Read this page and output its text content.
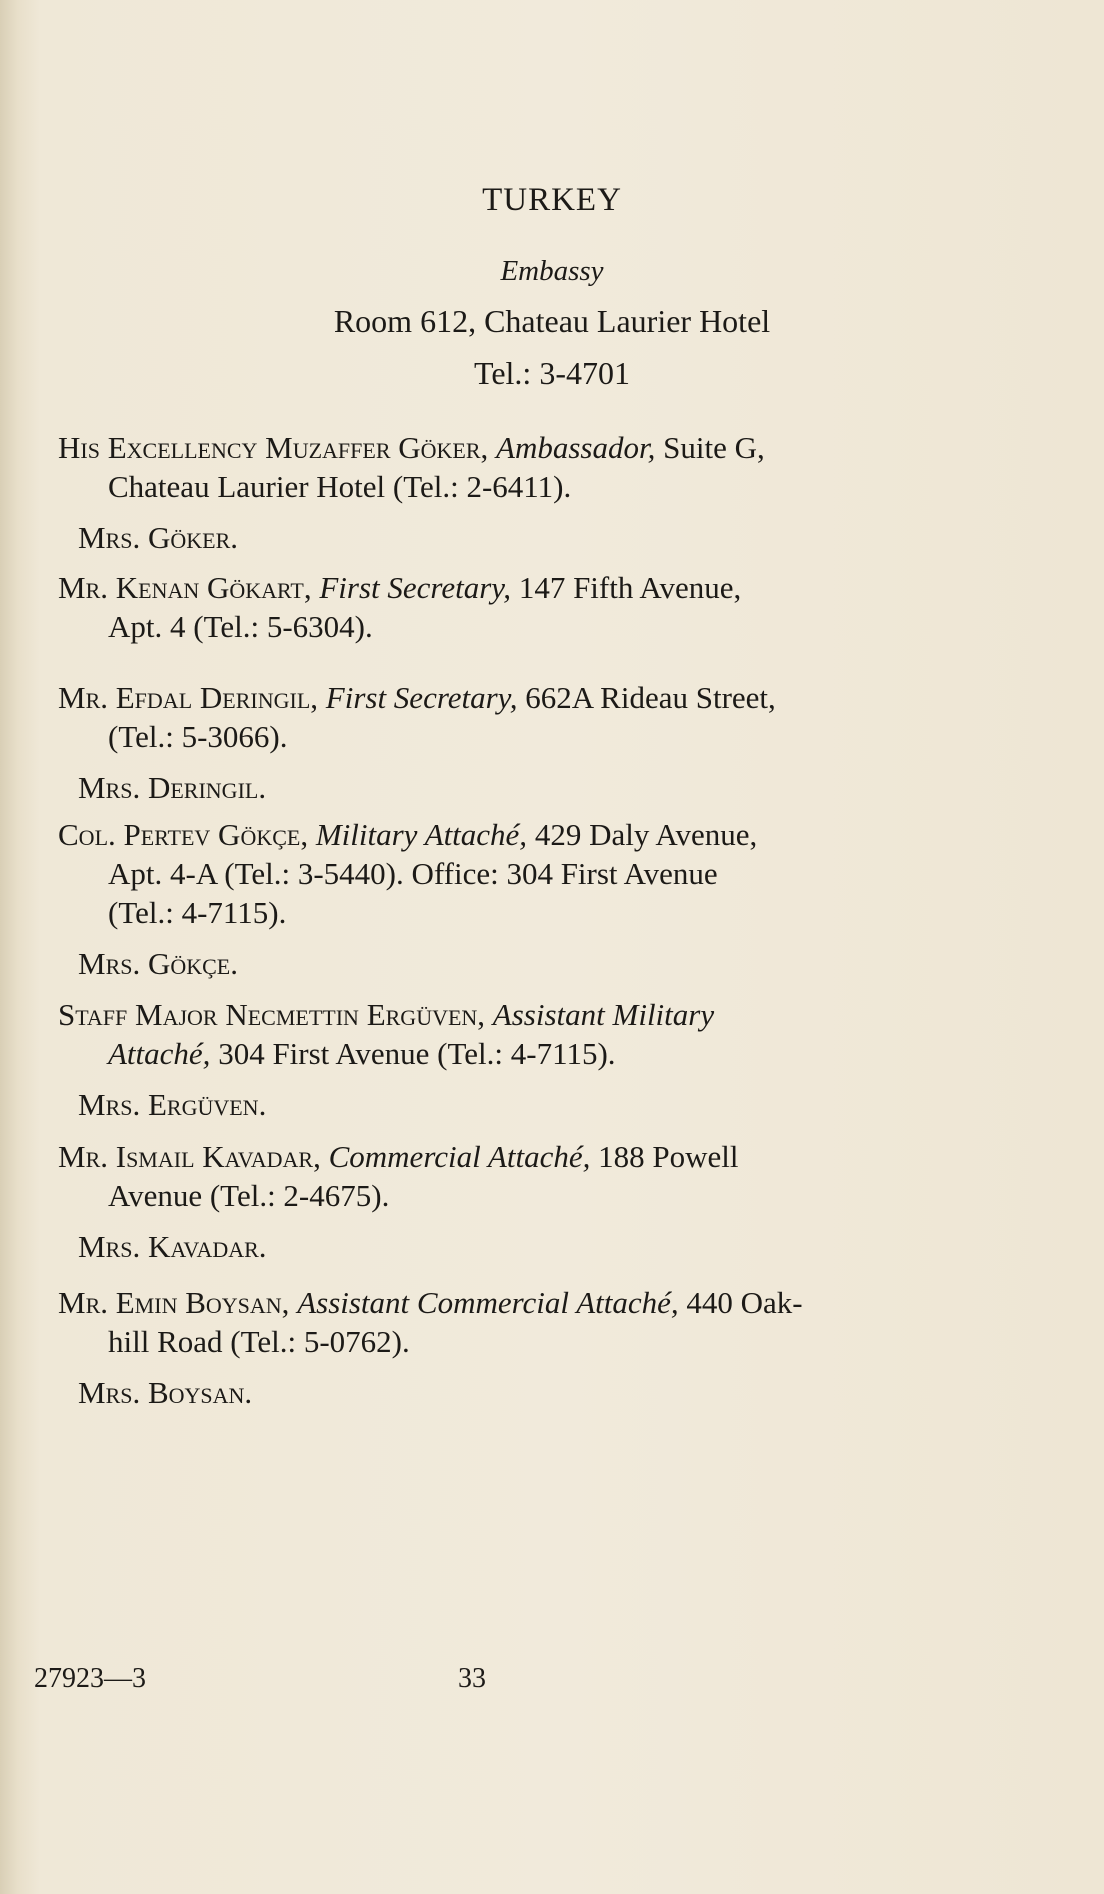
TURKEY
Embassy
Room 612, Chateau Laurier Hotel
Tel.: 3-4701
His Excellency Muzaffer Göker, Ambassador, Suite G,
Chateau Laurier Hotel (Tel.: 2-6411).
Mrs. Göker.
Mr. Kenan Gökart, First Secretary, 147 Fifth Avenue,
Apt. 4 (Tel.: 5-6304).
Mr. Efdal Deringil, First Secretary, 662A Rideau Street,
(Tel.: 5-3066).
Mrs. Deringil.
Col. Pertev Gökçe, Military Attaché, 429 Daly Avenue,
Apt. 4-A (Tel.: 3-5440). Office: 304 First Avenue
(Tel.: 4-7115).
Mrs. Gökçe.
Staff Major Necmettin Ergüven, Assistant Military
Attaché, 304 First Avenue (Tel.: 4-7115).
Mrs. Ergüven.
Mr. Ismail Kavadar, Commercial Attaché, 188 Powell
Avenue (Tel.: 2-4675).
Mrs. Kavadar.
Mr. Emin Boysan, Assistant Commercial Attaché, 440 Oak-
hill Road (Tel.: 5-0762).
Mrs. Boysan.
27923—3	33
